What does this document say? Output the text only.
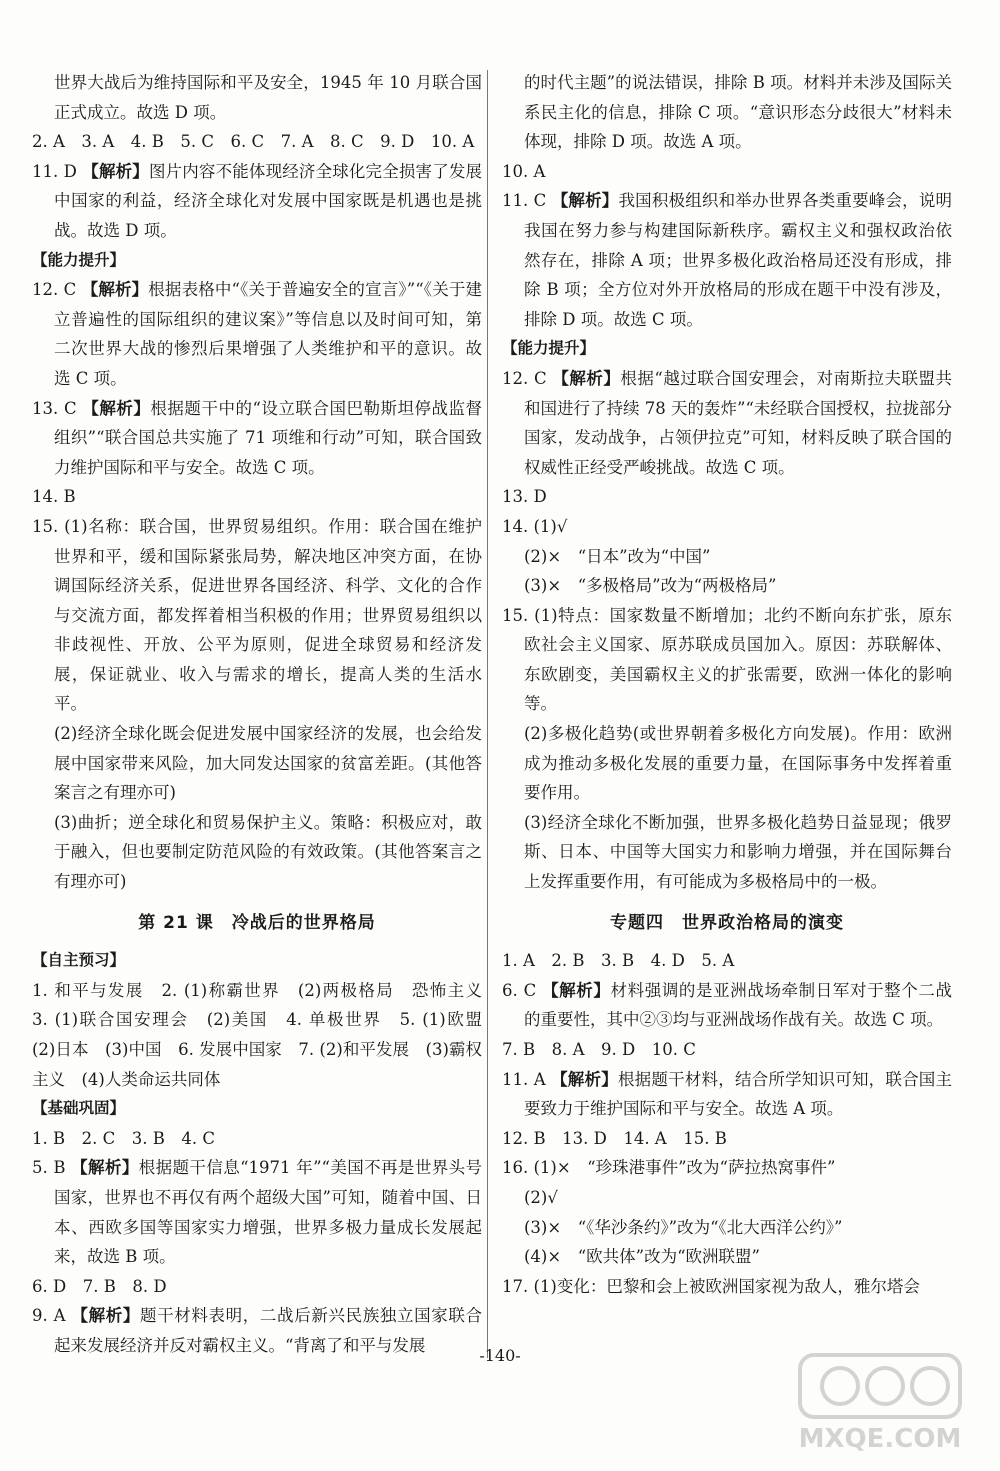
世界大战后为维持国际和平及安全，1945 年 10 月联合国正式成立。故选 D 项。

2. A　3. A　4. B　5. C　6. C　7. A　8. C　9. D　10. A

11. D 【解析】图片内容不能体现经济全球化完全损害了发展中国家的利益，经济全球化对发展中国家既是机遇也是挑战。故选 D 项。

【能力提升】

12. C 【解析】根据表格中“《关于普遍安全的宣言》”“《关于建立普遍性的国际组织的建议案》”等信息以及时间可知，第二次世界大战的惨烈后果增强了人类维护和平的意识。故选 C 项。

13. C 【解析】根据题干中的“设立联合国巴勒斯坦停战监督组织”“联合国总共实施了 71 项维和行动”可知，联合国致力维护国际和平与安全。故选 C 项。

14. B

15. (1)名称：联合国，世界贸易组织。作用：联合国在维护世界和平，缓和国际紧张局势，解决地区冲突方面，在协调国际经济关系，促进世界各国经济、科学、文化的合作与交流方面，都发挥着相当积极的作用；世界贸易组织以非歧视性、开放、公平为原则，促进全球贸易和经济发展，保证就业、收入与需求的增长，提高人类的生活水平。

(2)经济全球化既会促进发展中国家经济的发展，也会给发展中国家带来风险，加大同发达国家的贫富差距。(其他答案言之有理亦可)

(3)曲折；逆全球化和贸易保护主义。策略：积极应对，敢于融入，但也要制定防范风险的有效政策。(其他答案言之有理亦可)

第 21 课　冷战后的世界格局

【自主预习】

1. 和平与发展　2. (1)称霸世界　(2)两极格局　恐怖主义　3. (1)联合国安理会　(2)美国　4. 单极世界　5. (1)欧盟　(2)日本　(3)中国　6. 发展中国家　7. (2)和平发展　(3)霸权主义　(4)人类命运共同体

【基础巩固】

1. B　2. C　3. B　4. C

5. B 【解析】根据题干信息“1971 年”“美国不再是世界头号国家，世界也不再仅有两个超级大国”可知，随着中国、日本、西欧多国等国家实力增强，世界多极力量成长发展起来，故选 B 项。

6. D　7. B　8. D

9. A 【解析】题干材料表明，二战后新兴民族独立国家联合起来发展经济并反对霸权主义。“背离了和平与发展

的时代主题”的说法错误，排除 B 项。材料并未涉及国际关系民主化的信息，排除 C 项。“意识形态分歧很大”材料未体现，排除 D 项。故选 A 项。

10. A

11. C 【解析】我国积极组织和举办世界各类重要峰会，说明我国在努力参与构建国际新秩序。霸权主义和强权政治依然存在，排除 A 项；世界多极化政治格局还没有形成，排除 B 项；全方位对外开放格局的形成在题干中没有涉及，排除 D 项。故选 C 项。

【能力提升】

12. C 【解析】根据“越过联合国安理会，对南斯拉夫联盟共和国进行了持续 78 天的轰炸”“未经联合国授权，拉拢部分国家，发动战争，占领伊拉克”可知，材料反映了联合国的权威性正经受严峻挑战。故选 C 项。

13. D

14. (1)√

(2)×　“日本”改为“中国”

(3)×　“多极格局”改为“两极格局”

15. (1)特点：国家数量不断增加；北约不断向东扩张，原东欧社会主义国家、原苏联成员国加入。原因：苏联解体、东欧剧变，美国霸权主义的扩张需要，欧洲一体化的影响等。

(2)多极化趋势(或世界朝着多极化方向发展)。作用：欧洲成为推动多极化发展的重要力量，在国际事务中发挥着重要作用。

(3)经济全球化不断加强，世界多极化趋势日益显现；俄罗斯、日本、中国等大国实力和影响力增强，并在国际舞台上发挥重要作用，有可能成为多极格局中的一极。

专题四　世界政治格局的演变

1. A　2. B　3. B　4. D　5. A

6. C 【解析】材料强调的是亚洲战场牵制日军对于整个二战的重要性，其中②③均与亚洲战场作战有关。故选 C 项。

7. B　8. A　9. D　10. C

11. A 【解析】根据题干材料，结合所学知识可知，联合国主要致力于维护国际和平与安全。故选 A 项。

12. B　13. D　14. A　15. B

16. (1)×　“珍珠港事件”改为“萨拉热窝事件”

(2)√

(3)×　“《华沙条约》”改为“《北大西洋公约》”

(4)×　“欧共体”改为“欧洲联盟”

17. (1)变化：巴黎和会上被欧洲国家视为敌人，雅尔塔会

-140-
MXQE.COM
